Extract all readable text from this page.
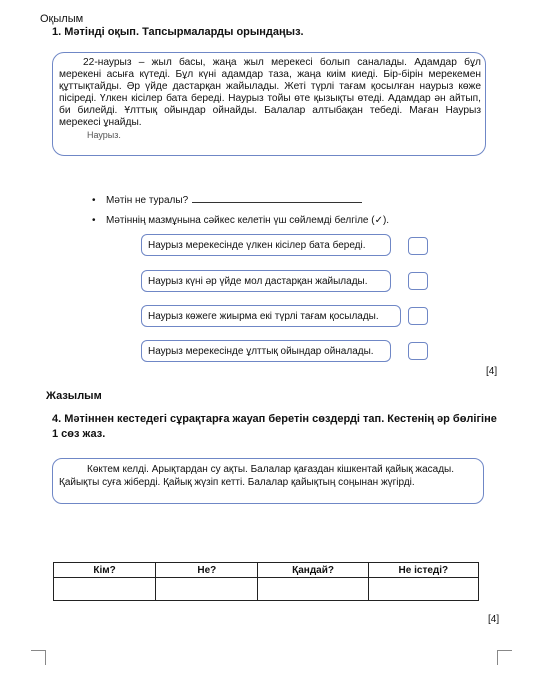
Оқылым
1. Мәтінді оқып. Тапсырмаларды орындаңыз.

22-наурыз – жыл басы, жаңа жыл мерекесі болып саналады. Адамдар бұл мерекені асыға күтеді. Бұл күні адамдар таза, жаңа киім киеді. Бір-бірін мерекемен құттықтайды. Әр үйде дастарқан жайылады. Жеті түрлі тағам қосылған наурыз көже пісіреді. Үлкен кісілер бата береді. Наурыз тойы өте қызықты өтеді. Адамдар ән айтып, би билейді. Ұлттық ойындар ойнайды. Балалар алтыбақан тебеді. Маған Наурыз мерекесі ұнайды.

Наурыз.
• Мәтін не туралы?
• Мәтіннің мазмұнына сәйкес келетін үш сөйлемді белгіле (✓).
Наурыз мерекесінде үлкен кісілер бата береді.
Наурыз күні әр үйде мол дастарқан жайылады.
Наурыз көжеге жиырма екі түрлі тағам қосылады.
Наурыз мерекесінде ұлттық ойындар ойналады.
[4]
Жазылым
4. Мәтіннен кестедегі сұрақтарға жауап беретін сөздерді тап. Кестенің әр бөлігіне 1 сөз жаз.
Көктем келді. Арықтардан су ақты. Балалар қағаздан кішкентай қайық жасады. Қайықты суға жіберді. Қайық жүзіп кетті. Балалар қайықтың соңынан жүгірді.
Кім?	Не?	Қандай?	Не істеді?

[4]
